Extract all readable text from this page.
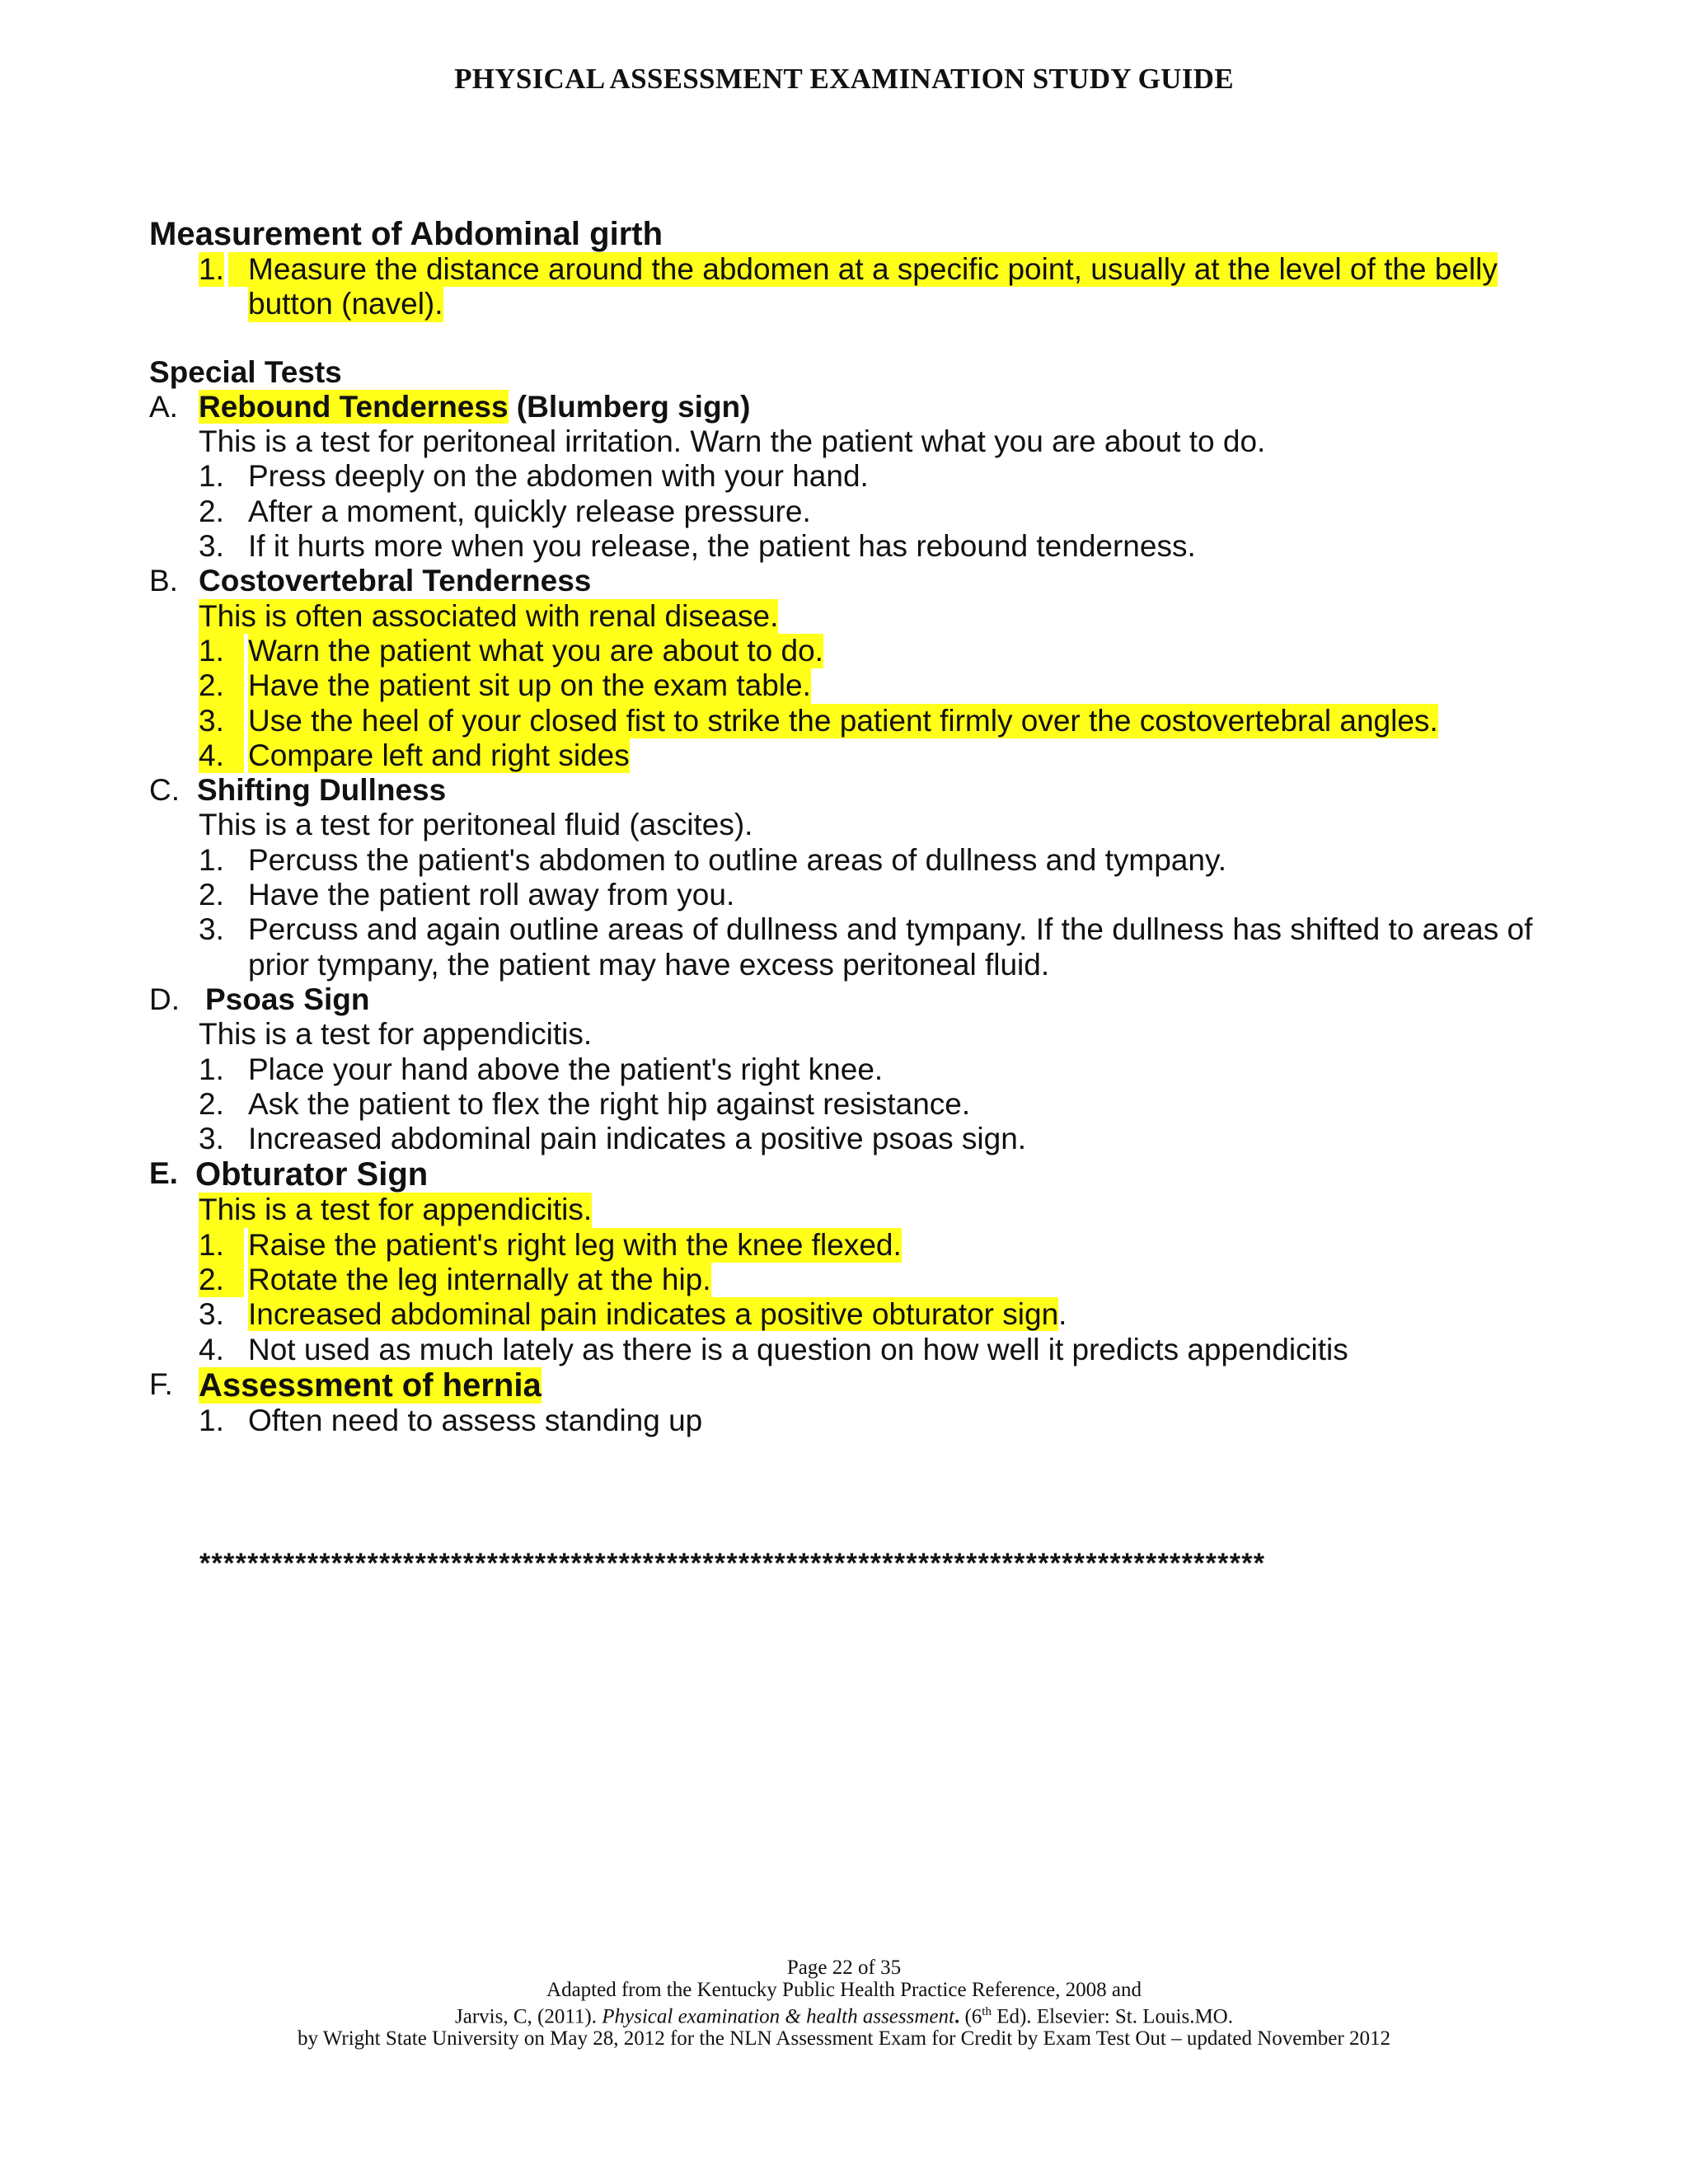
PHYSICAL ASSESSMENT EXAMINATION STUDY GUIDE
Measurement of Abdominal girth
1.
Measure the distance around the abdomen at a specific point, usually at the level of the belly
button (navel).
Special Tests
A. Rebound Tenderness (Blumberg sign)
This is a test for peritoneal irritation. Warn the patient what you are about to do.
1. Press deeply on the abdomen with your hand.
2. After a moment, quickly release pressure.
3. If it hurts more when you release, the patient has rebound tenderness.
B. Costovertebral Tenderness
This is often associated with renal disease.
1. Warn the patient what you are about to do.
2. Have the patient sit up on the exam table.
3. Use the heel of your closed fist to strike the patient firmly over the costovertebral angles.
4. Compare left and right sides
C. Shifting Dullness
This is a test for peritoneal fluid (ascites).
1. Percuss the patient's abdomen to outline areas of dullness and tympany.
2. Have the patient roll away from you.
3. Percuss and again outline areas of dullness and tympany. If the dullness has shifted to areas of
prior tympany, the patient may have excess peritoneal fluid.
D. Psoas Sign
This is a test for appendicitis.
1. Place your hand above the patient's right knee.
2. Ask the patient to flex the right hip against resistance.
3. Increased abdominal pain indicates a positive psoas sign.
E. Obturator Sign
This is a test for appendicitis.
1. Raise the patient's right leg with the knee flexed.
2. Rotate the leg internally at the hip.
3. Increased abdominal pain indicates a positive obturator sign.
4. Not used as much lately as there is a question on how well it predicts appendicitis
F. Assessment of hernia
1. Often need to assess standing up
*****************************************************************************************
Page 22 of 35
Adapted from the Kentucky Public Health Practice Reference, 2008 and
Jarvis, C, (2011). Physical examination & health assessment. (6th Ed). Elsevier: St. Louis.MO.
by Wright State University on May 28, 2012 for the NLN Assessment Exam for Credit by Exam Test Out – updated November 2012
